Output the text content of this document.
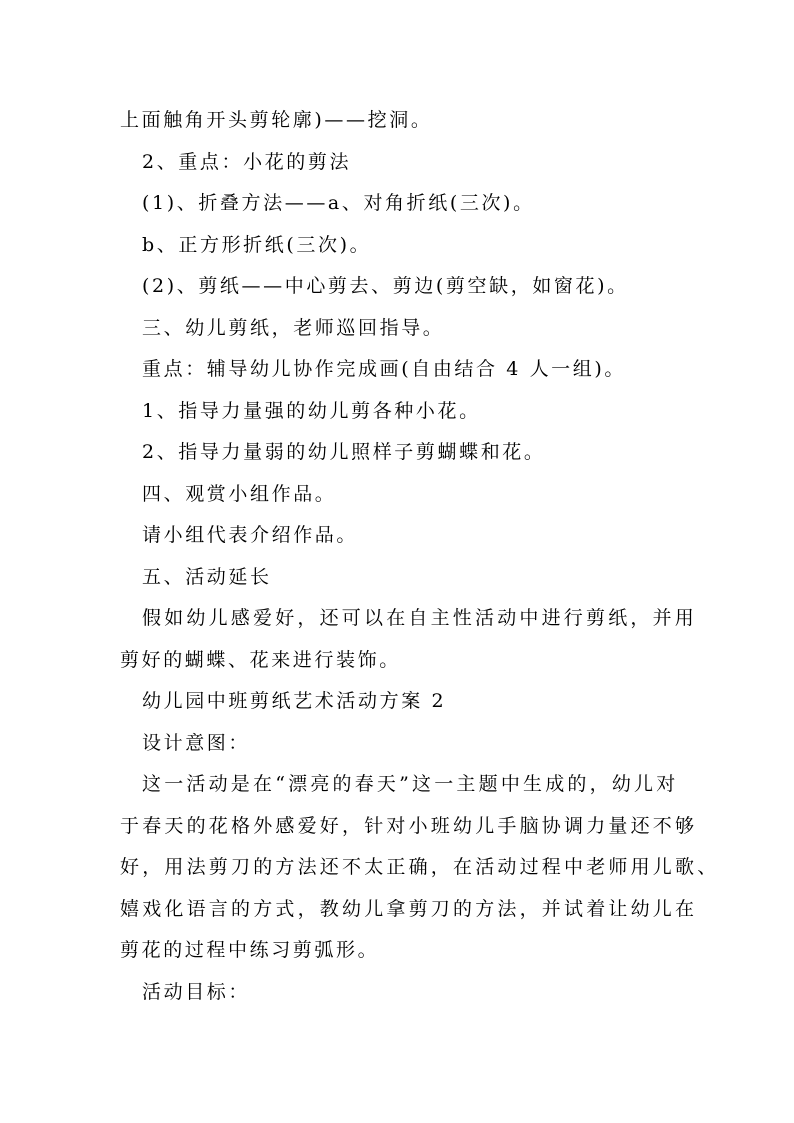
上面触角开头剪轮廓)——挖洞。
2、重点：小花的剪法
(1)、折叠方法——a、对角折纸(三次)。
b、正方形折纸(三次)。
(2)、剪纸——中心剪去、剪边(剪空缺，如窗花)。
三、幼儿剪纸，老师巡回指导。
重点：辅导幼儿协作完成画(自由结合 4 人一组)。
1、指导力量强的幼儿剪各种小花。
2、指导力量弱的幼儿照样子剪蝴蝶和花。
四、观赏小组作品。
请小组代表介绍作品。
五、活动延长
假如幼儿感爱好，还可以在自主性活动中进行剪纸，并用
剪好的蝴蝶、花来进行装饰。
幼儿园中班剪纸艺术活动方案 2
设计意图：
这一活动是在“漂亮的春天”这一主题中生成的，幼儿对
于春天的花格外感爱好，针对小班幼儿手脑协调力量还不够
好，用法剪刀的方法还不太正确，在活动过程中老师用儿歌、
嬉戏化语言的方式，教幼儿拿剪刀的方法，并试着让幼儿在
剪花的过程中练习剪弧形。
活动目标：
